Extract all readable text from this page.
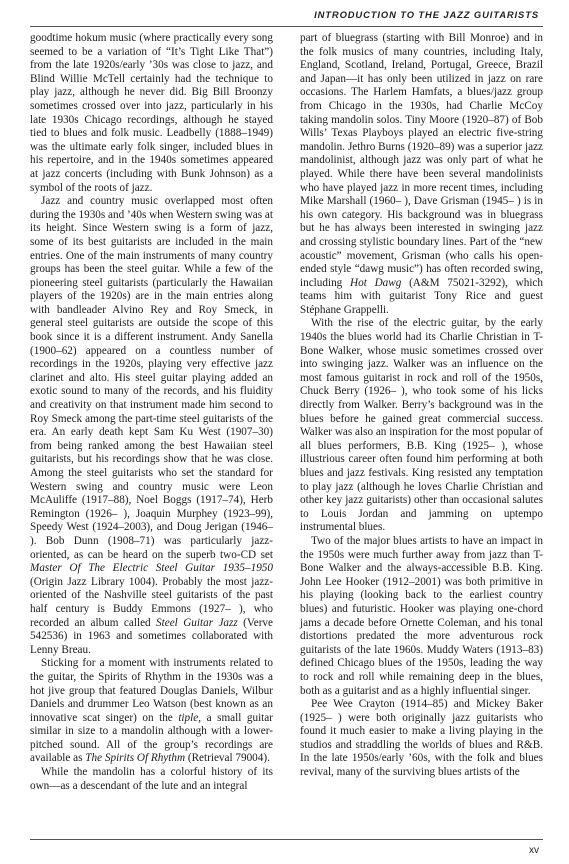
INTRODUCTION TO THE JAZZ GUITARISTS

goodtime hokum music (where practically every song seemed to be a variation of “It’s Tight Like That”) from the late 1920s/early ’30s was close to jazz, and Blind Willie McTell certainly had the technique to play jazz, although he never did. Big Bill Broonzy sometimes crossed over into jazz, particularly in his late 1930s Chicago recordings, although he stayed tied to blues and folk music. Leadbelly (1888–1949) was the ultimate early folk singer, included blues in his repertoire, and in the 1940s sometimes appeared at jazz concerts (including with Bunk Johnson) as a symbol of the roots of jazz.

Jazz and country music overlapped most often during the 1930s and ’40s when Western swing was at its height. Since Western swing is a form of jazz, some of its best guitarists are included in the main entries. One of the main instruments of many country groups has been the steel guitar. While a few of the pioneering steel guitarists (particularly the Hawaiian players of the 1920s) are in the main entries along with bandleader Alvino Rey and Roy Smeck, in general steel guitarists are outside the scope of this book since it is a different instrument. Andy Sanella (1900–62) appeared on a countless number of recordings in the 1920s, playing very effective jazz clarinet and alto. His steel guitar playing added an exotic sound to many of the records, and his fluidity and creativity on that instrument made him second to Roy Smeck among the part-time steel guitarists of the era. An early death kept Sam Ku West (1907–30) from being ranked among the best Hawaiian steel guitarists, but his recordings show that he was close. Among the steel guitarists who set the standard for Western swing and country music were Leon McAuliffe (1917–88), Noel Boggs (1917–74), Herb Remington (1926– ), Joaquin Murphey (1923–99), Speedy West (1924–2003), and Doug Jerigan (1946– ). Bob Dunn (1908–71) was particularly jazz-oriented, as can be heard on the superb two-CD set Master Of The Electric Steel Guitar 1935–1950 (Origin Jazz Library 1004). Probably the most jazz-oriented of the Nashville steel guitarists of the past half century is Buddy Emmons (1927– ), who recorded an album called Steel Guitar Jazz (Verve 542536) in 1963 and sometimes collaborated with Lenny Breau.

Sticking for a moment with instruments related to the guitar, the Spirits of Rhythm in the 1930s was a hot jive group that featured Douglas Daniels, Wilbur Daniels and drummer Leo Watson (best known as an innovative scat singer) on the tiple, a small guitar similar in size to a mandolin although with a lower-pitched sound. All of the group’s recordings are available as The Spirits Of Rhythm (Retrieval 79004).

While the mandolin has a colorful history of its own—as a descendant of the lute and an integral

part of bluegrass (starting with Bill Monroe) and in the folk musics of many countries, including Italy, England, Scotland, Ireland, Portugal, Greece, Brazil and Japan—it has only been utilized in jazz on rare occasions. The Harlem Hamfats, a blues/jazz group from Chicago in the 1930s, had Charlie McCoy taking mandolin solos. Tiny Moore (1920–87) of Bob Wills’ Texas Playboys played an electric five-string mandolin. Jethro Burns (1920–89) was a superior jazz mandolinist, although jazz was only part of what he played. While there have been several mandolinists who have played jazz in more recent times, including Mike Marshall (1960– ), Dave Grisman (1945– ) is in his own category. His background was in bluegrass but he has always been interested in swinging jazz and crossing stylistic boundary lines. Part of the “new acoustic” movement, Grisman (who calls his open-ended style “dawg music”) has often recorded swing, including Hot Dawg (A&M 75021-3292), which teams him with guitarist Tony Rice and guest Stéphane Grappelli.

With the rise of the electric guitar, by the early 1940s the blues world had its Charlie Christian in T-Bone Walker, whose music sometimes crossed over into swinging jazz. Walker was an influence on the most famous guitarist in rock and roll of the 1950s, Chuck Berry (1926– ), who took some of his licks directly from Walker. Berry’s background was in the blues before he gained great commercial success. Walker was also an inspiration for the most popular of all blues performers, B.B. King (1925– ), whose illustrious career often found him performing at both blues and jazz festivals. King resisted any temptation to play jazz (although he loves Charlie Christian and other key jazz guitarists) other than occasional salutes to Louis Jordan and jamming on uptempo instrumental blues.

Two of the major blues artists to have an impact in the 1950s were much further away from jazz than T-Bone Walker and the always-accessible B.B. King. John Lee Hooker (1912–2001) was both primitive in his playing (looking back to the earliest country blues) and futuristic. Hooker was playing one-chord jams a decade before Ornette Coleman, and his tonal distortions predated the more adventurous rock guitarists of the late 1960s. Muddy Waters (1913–83) defined Chicago blues of the 1950s, leading the way to rock and roll while remaining deep in the blues, both as a guitarist and as a highly influential singer.

Pee Wee Crayton (1914–85) and Mickey Baker (1925– ) were both originally jazz guitarists who found it much easier to make a living playing in the studios and straddling the worlds of blues and R&B. In the late 1950s/early ’60s, with the folk and blues revival, many of the surviving blues artists of the

xv
